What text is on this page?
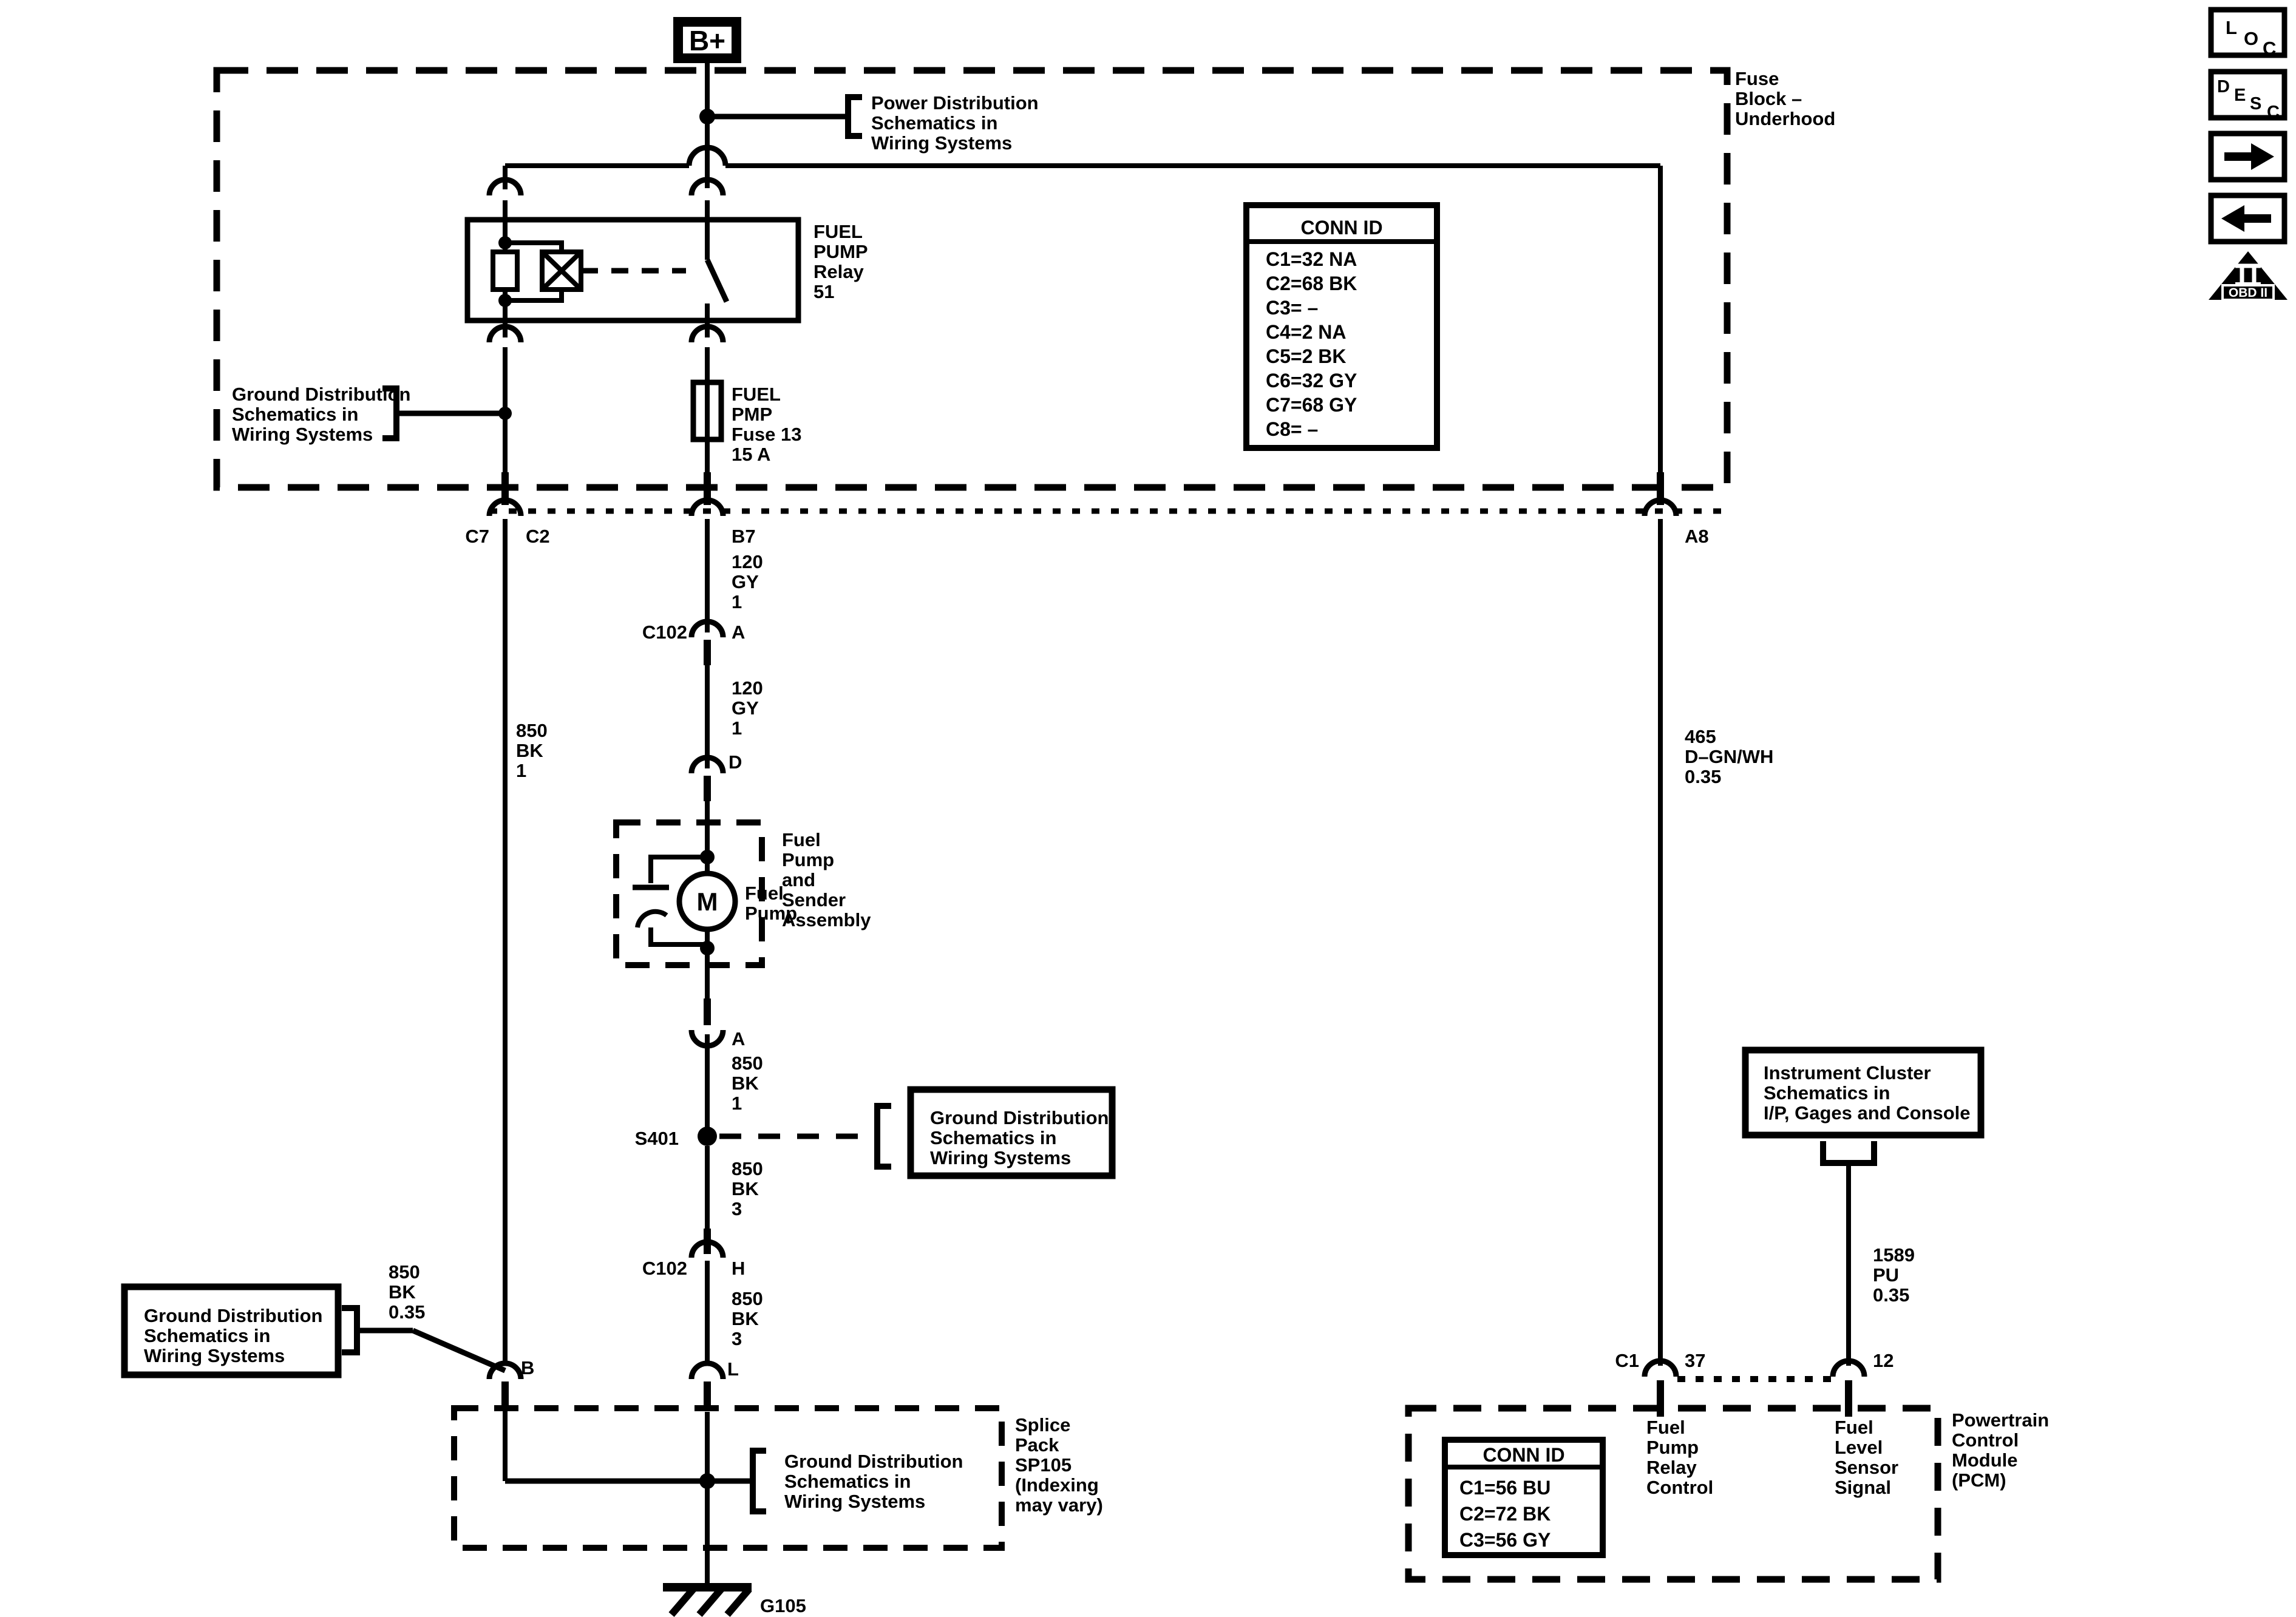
Fuse
Block –
Underhood
B+
Power Distribution
Schematics in
Wiring Systems
FUEL
PUMP
Relay
51
CONN ID
C1=32 NA
C2=68 BK
C3= –
C4=2 NA
C5=2 BK
C6=32 GY
C7=68 GY
C8= –
Ground Distribution
Schematics in
Wiring Systems
FUEL
PMP
Fuse 13
15 A
C7 C2	B7	A8
120
GY
1
C102 A
120
GY
1
D
M Fuel
Pump
Fuel
Pump
and
Sender
Assembly
A
850
BK
1
S401
850
BK
3
C102 H
850
BK
3
L
Ground Distribution
Schematics in
Wiring Systems
850
BK
1
B
Ground Distribution
Schematics in
Wiring Systems
850
BK
0.35
Ground Distribution
Schematics in
Wiring Systems
Splice
Pack
SP105
(Indexing
may vary)
G105
465
D–GN/WH
0.35
Instrument Cluster
Schematics in
I/P, Gages and Console
1589
PU
0.35
C1 37	12
CONN ID
C1=56 BU
C2=72 BK
C3=56 GY
Fuel
Pump
Relay
Control
Fuel
Level
Sensor
Signal
Powertrain
Control
Module
(PCM)
L
O C
D E S C
OBD II
